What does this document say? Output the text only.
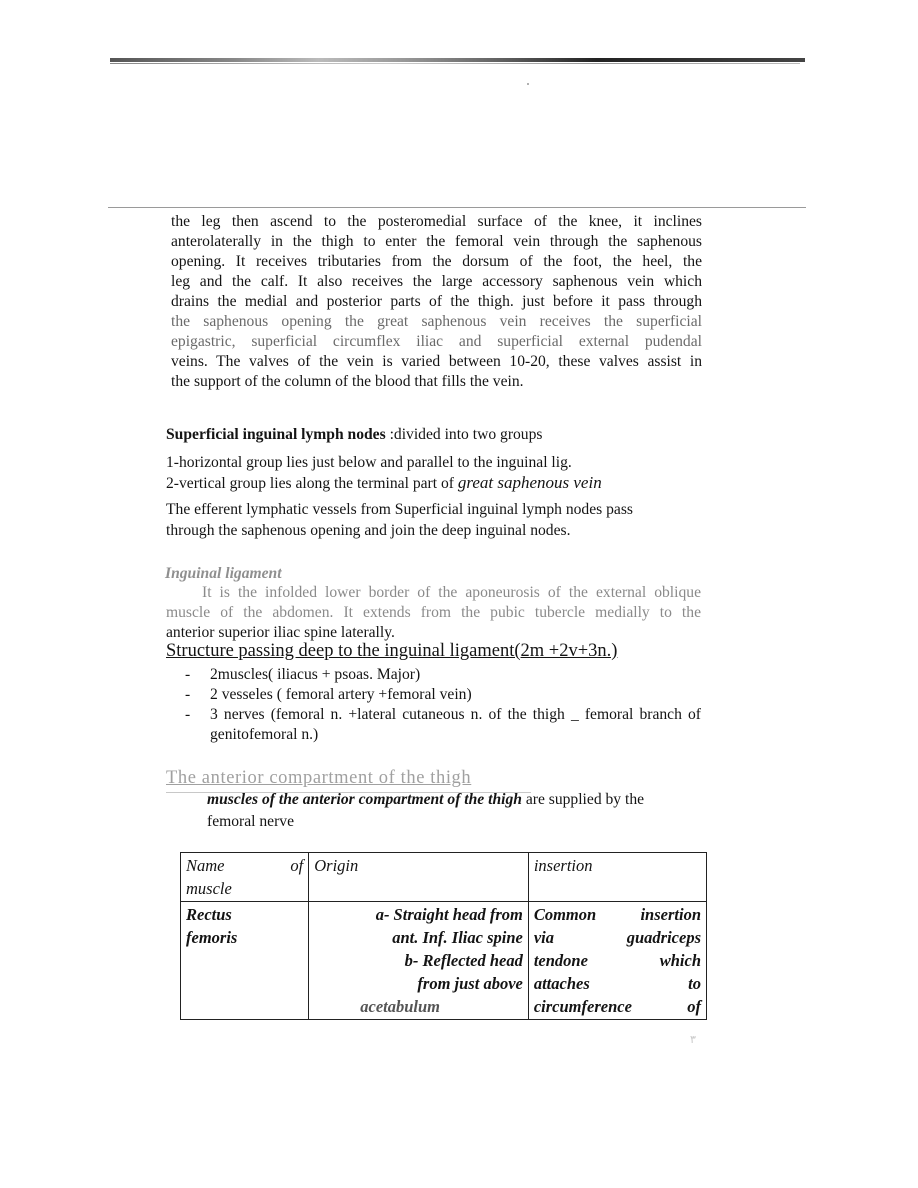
the leg then ascend to the posteromedial surface of the knee, it inclines
anterolaterally in the thigh to enter the femoral vein through the saphenous
opening. It receives tributaries from the dorsum of the foot, the heel, the
leg and the calf. It also receives the large accessory saphenous vein which
drains the medial and posterior parts of the thigh. just before it pass through
the saphenous opening the great saphenous vein receives the superficial
epigastric, superficial circumflex iliac and superficial external pudendal
veins. The valves of the vein is varied between 10-20, these valves assist in
the support of the column of the blood that fills the vein.
Superficial inguinal lymph nodes :divided into two groups
1-horizontal group lies just below and parallel to the inguinal lig.
2-vertical group lies along the terminal part of great saphenous vein
The efferent lymphatic vessels from Superficial inguinal lymph nodes pass
through the saphenous opening and join the deep inguinal nodes.
Inguinal ligament
It is the infolded lower border of the aponeurosis of the external oblique
muscle of the abdomen. It extends from the pubic tubercle medially to the
anterior superior iliac spine laterally.
Structure passing deep to the inguinal ligament(2m +2v+3n.)
- 2muscles( iliacus + psoas. Major)
- 2 vesseles ( femoral artery +femoral vein)
- 3 nerves (femoral n. +lateral cutaneous n. of the thigh _ femoral branch of genitofemoral n.)
The anterior compartment of the thigh
muscles of the anterior compartment of the thigh are supplied by the
femoral nerve
Name of
muscle	Origin	insertion

Rectus
femoris	a- Straight head from
ant. Inf. Iliac spine
b- Reflected head
from just above
acetabulum	Common insertion
via guadriceps
tendone which
attaches to
circumference of
٣
